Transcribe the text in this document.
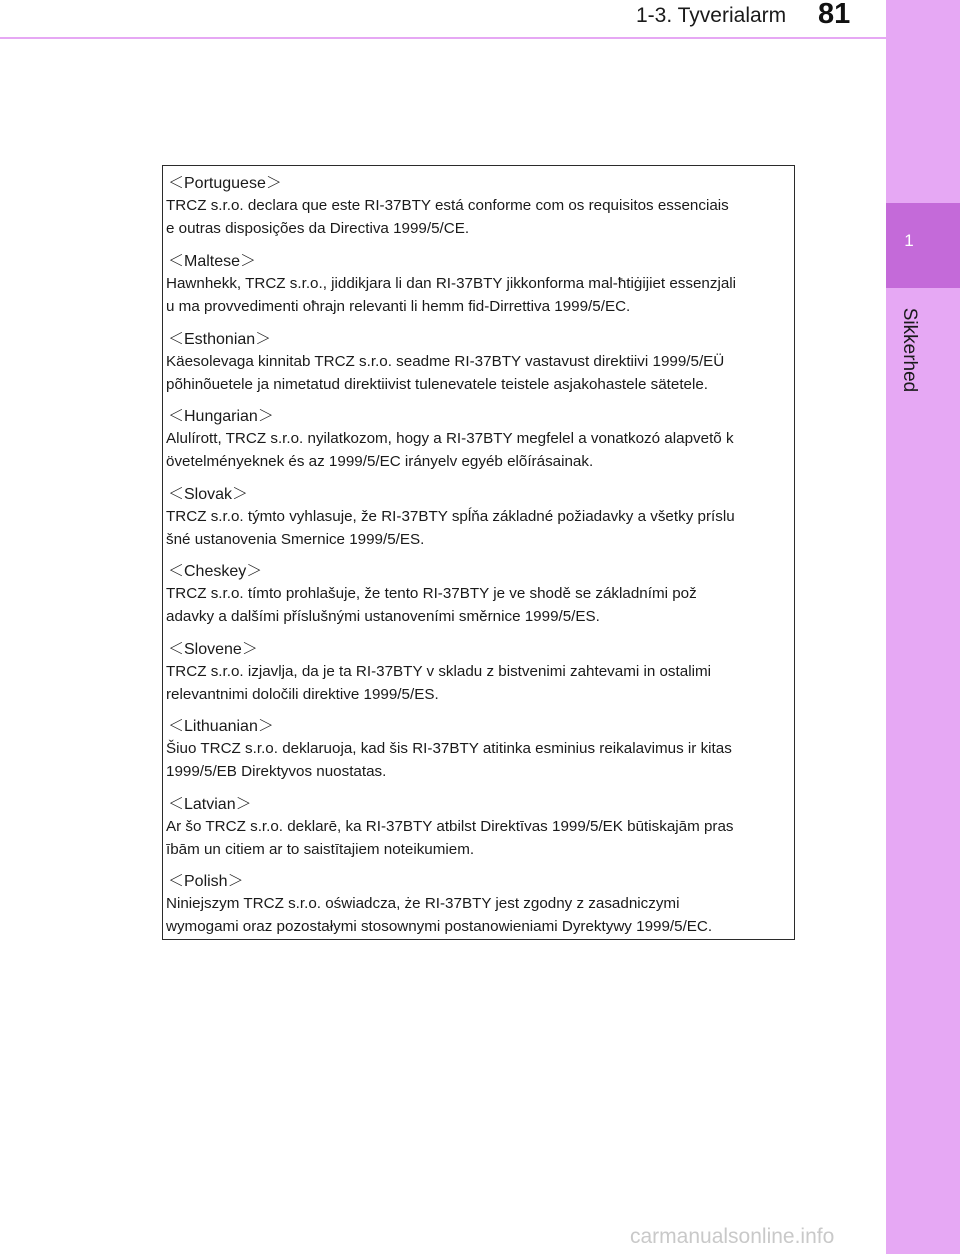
1-3. Tyverialarm 81
1
Sikkerhed
＜Portuguese＞
TRCZ s.r.o. declara que este RI-37BTY está conforme com os requisitos essenciais
e outras disposições da Directiva 1999/5/CE.
＜Maltese＞
Hawnhekk, TRCZ s.r.o., jiddikjara li dan RI-37BTY jikkonforma mal-ħtiġijiet essenzjali
u ma provvedimenti oħrajn relevanti li hemm fid-Dirrettiva 1999/5/EC.
＜Esthonian＞
Käesolevaga kinnitab TRCZ s.r.o. seadme RI-37BTY vastavust direktiivi 1999/5/EÜ
põhinõuetele ja nimetatud direktiivist tulenevatele teistele asjakohastele sätetele.
＜Hungarian＞
Alulírott, TRCZ s.r.o. nyilatkozom, hogy a RI-37BTY megfelel a vonatkozó alapvetõ k
övetelményeknek és az 1999/5/EC irányelv egyéb elõírásainak.
＜Slovak＞
TRCZ s.r.o. týmto vyhlasuje, že RI-37BTY spĺňa základné požiadavky a všetky príslu
šné ustanovenia Smernice 1999/5/ES.
＜Cheskey＞
TRCZ s.r.o. tímto prohlašuje, že tento RI-37BTY je ve shodě se základními pož
adavky a dalšími příslušnými ustanoveními směrnice 1999/5/ES.
＜Slovene＞
TRCZ s.r.o. izjavlja, da je ta RI-37BTY v skladu z bistvenimi zahtevami in ostalimi
relevantnimi določili direktive 1999/5/ES.
＜Lithuanian＞
Šiuo TRCZ s.r.o. deklaruoja, kad šis RI-37BTY atitinka esminius reikalavimus ir kitas
1999/5/EB Direktyvos nuostatas.
＜Latvian＞
Ar šo TRCZ s.r.o. deklarē, ka RI-37BTY atbilst Direktīvas 1999/5/EK būtiskajām pras
ībām un citiem ar to saistītajiem noteikumiem.
＜Polish＞
Niniejszym TRCZ s.r.o. oświadcza, że RI-37BTY jest zgodny z zasadniczymi
wymogami oraz pozostałymi stosownymi postanowieniami Dyrektywy 1999/5/EC.
carmanualsonline.info
